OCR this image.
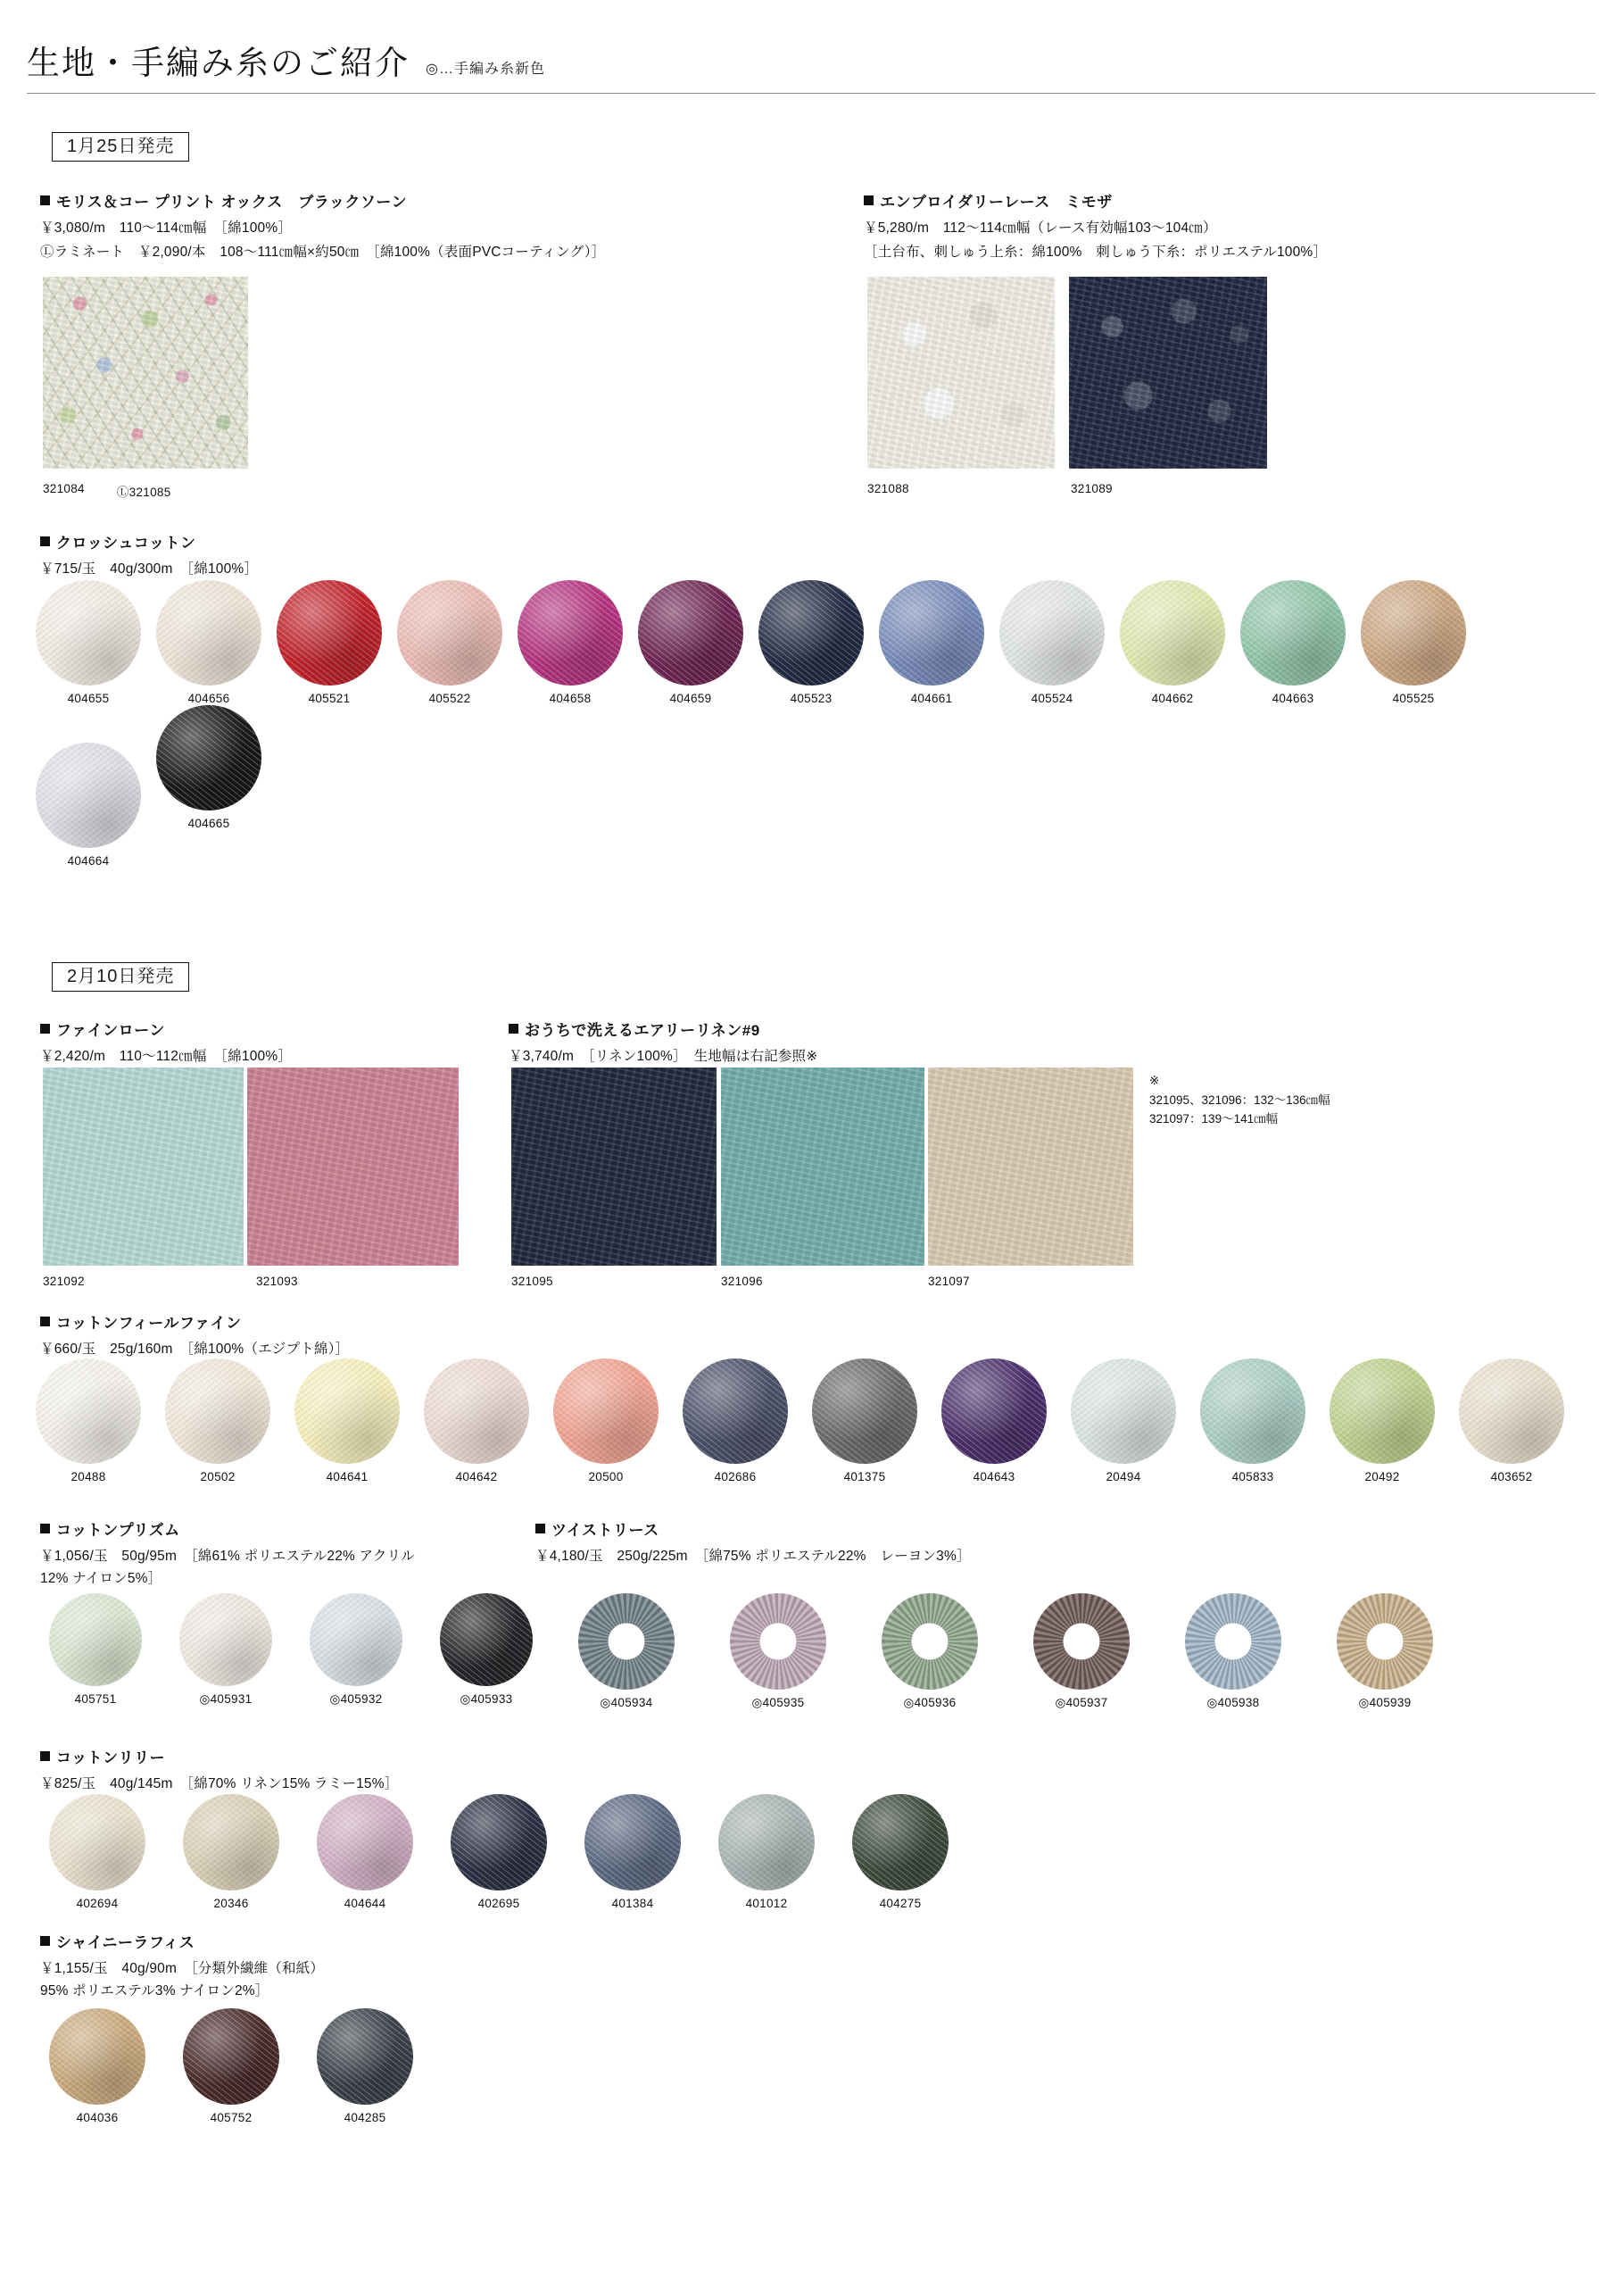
生地・手編み糸のご紹介 ◎…手編み糸新色
1月25日発売
モリス＆コー プリント オックス　ブラックソーン
￥3,080/m　110〜114㎝幅　［綿100%］
Ⓛラミネート　￥2,090/本　108〜111㎝幅×約50㎝　［綿100%（表面PVCコーティング）］
321084	Ⓛ321085
エンブロイダリーレース　ミモザ
￥5,280/m　112〜114㎝幅（レース有効幅103〜104㎝）
［土台布、刺しゅう上糸：綿100%　刺しゅう下糸：ポリエステル100%］
321088	321089
クロッシュコットン
￥715/玉　40g/300m　［綿100%］
404655	404656	405521	405522	404658	404659	405523	404661	405524	404662	404663	405525
404664
404665
2月10日発売
ファインローン
￥2,420/m　110〜112㎝幅　［綿100%］
321092	321093
おうちで洗えるエアリーリネン#9
￥3,740/m　［リネン100%］　生地幅は右記参照※
321095	321096	321097
※
321095、321096：132〜136㎝幅
321097：139〜141㎝幅
コットンフィールファイン
￥660/玉　25g/160m　［綿100%（エジプト綿）］
20488	20502	404641	404642	20500	402686	401375	404643	20494	405833	20492	403652
コットンプリズム
￥1,056/玉　50g/95m　［綿61% ポリエステル22% アクリル
12% ナイロン5%］
405751	◎405931	◎405932	◎405933
ツイストリース
￥4,180/玉　250g/225m　［綿75% ポリエステル22%　レーヨン3%］
◎405934	◎405935	◎405936	◎405937	◎405938	◎405939
コットンリリー
￥825/玉　40g/145m　［綿70% リネン15% ラミー15%］
402694	20346	404644	402695	401384	401012	404275
シャイニーラフィス
￥1,155/玉　40g/90m　［分類外繊維（和紙）
95% ポリエステル3% ナイロン2%］
404036	405752	404285
